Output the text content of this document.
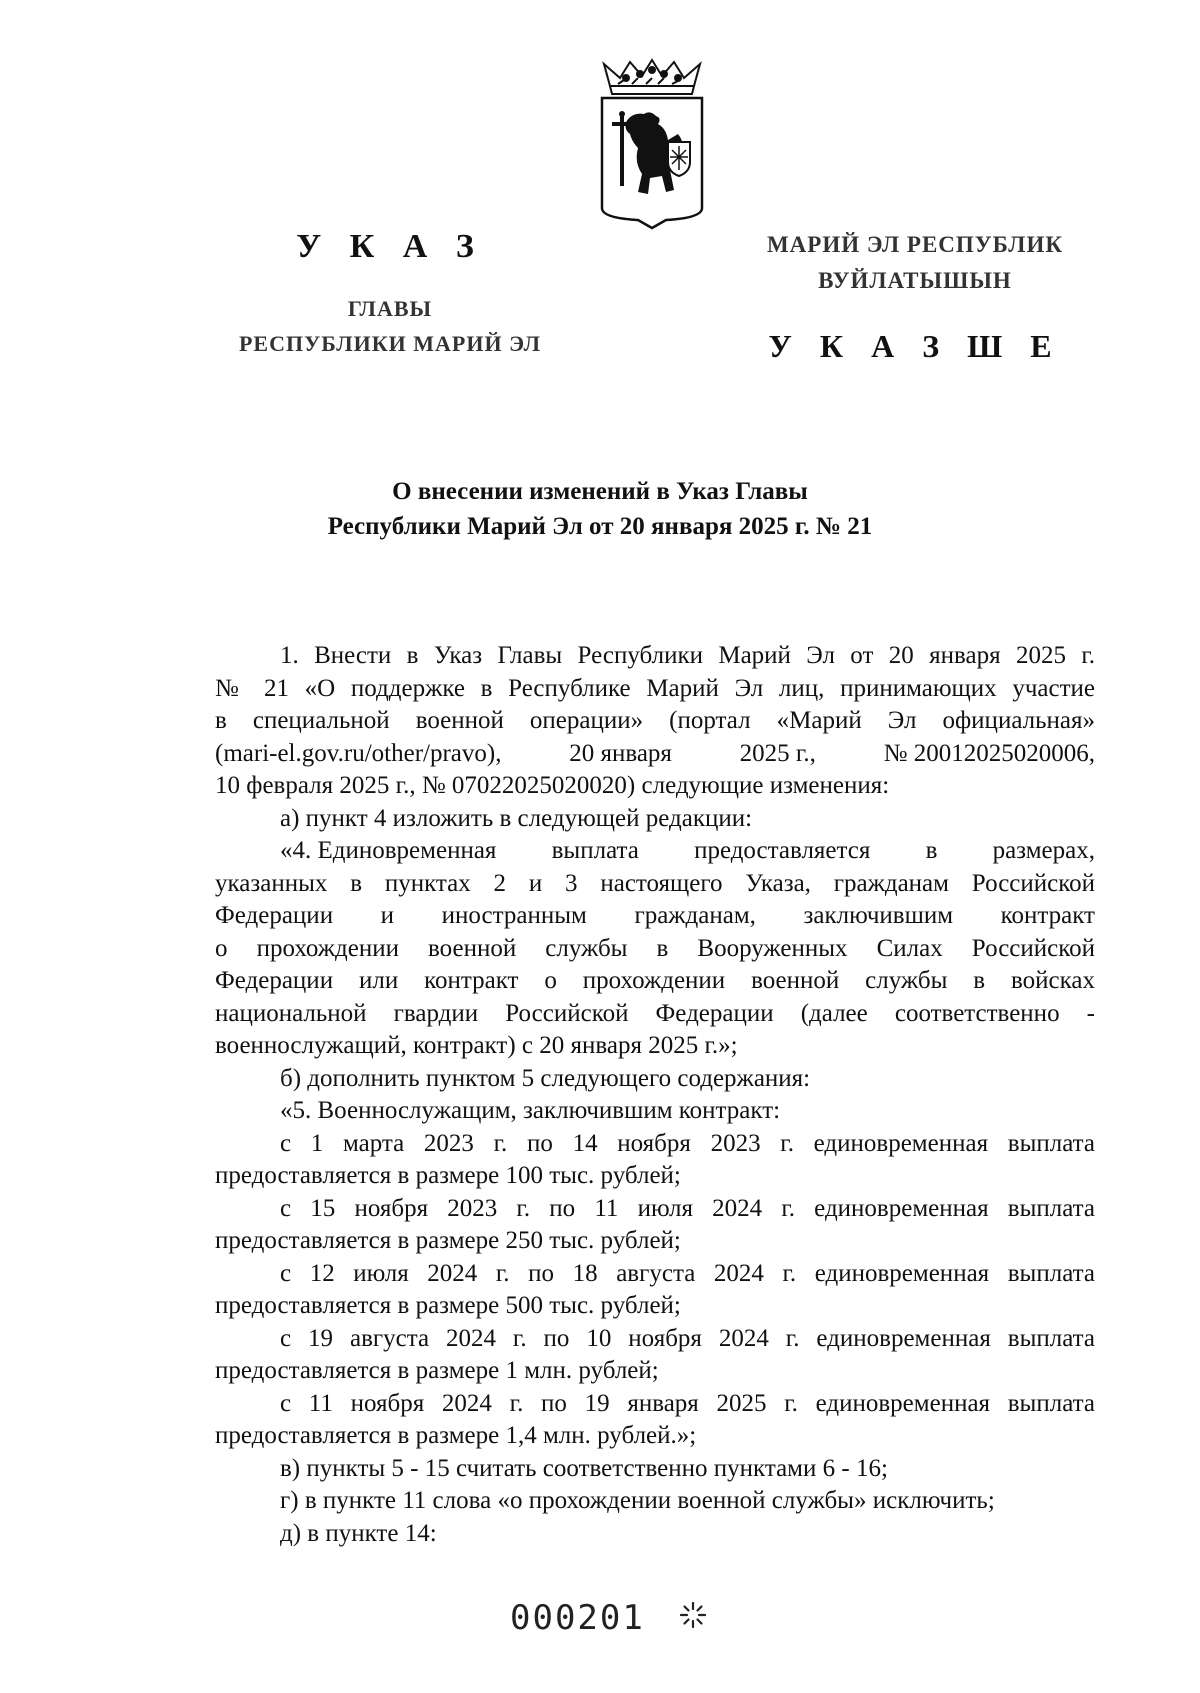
У К А З
ГЛАВЫ
РЕСПУБЛИКИ МАРИЙ ЭЛ
МАРИЙ ЭЛ РЕСПУБЛИК
ВУЙЛАТЫШЫН
У К А З Ш Е
О внесении изменений в Указ Главы
Республики Марий Эл от 20 января 2025 г. № 21
1. Внести в Указ Главы Республики Марий Эл от 20 января 2025 г.
№ 21 «О поддержке в Республике Марий Эл лиц, принимающих участие
в специальной военной операции» (портал «Марий Эл официальная»
(mari-el.gov.ru/other/pravo),	20 января	2025 г.,	№ 20012025020006,
10 февраля 2025 г., № 07022025020020) следующие изменения:
а) пункт 4 изложить в следующей редакции:
«4. Единовременная выплата предоставляется в размерах,
указанных в пунктах 2 и 3 настоящего Указа, гражданам Российской
Федерации и иностранным гражданам, заключившим контракт
о прохождении военной службы в Вооруженных Силах Российской
Федерации или контракт о прохождении военной службы в войсках
национальной гвардии Российской Федерации (далее соответственно -
военнослужащий, контракт) с 20 января 2025 г.»;
б) дополнить пунктом 5 следующего содержания:
«5. Военнослужащим, заключившим контракт:
с 1 марта 2023 г. по 14 ноября 2023 г. единовременная выплата
предоставляется в размере 100 тыс. рублей;
с 15 ноября 2023 г. по 11 июля 2024 г. единовременная выплата
предоставляется в размере 250 тыс. рублей;
с 12 июля 2024 г. по 18 августа 2024 г. единовременная выплата
предоставляется в размере 500 тыс. рублей;
с 19 августа 2024 г. по 10 ноября 2024 г. единовременная выплата
предоставляется в размере 1 млн. рублей;
с 11 ноября 2024 г. по 19 января 2025 г. единовременная выплата
предоставляется в размере 1,4 млн. рублей.»;
в) пункты 5 - 15 считать соответственно пунктами 6 - 16;
г) в пункте 11 слова «о прохождении военной службы» исключить;
д) в пункте 14:
000201
